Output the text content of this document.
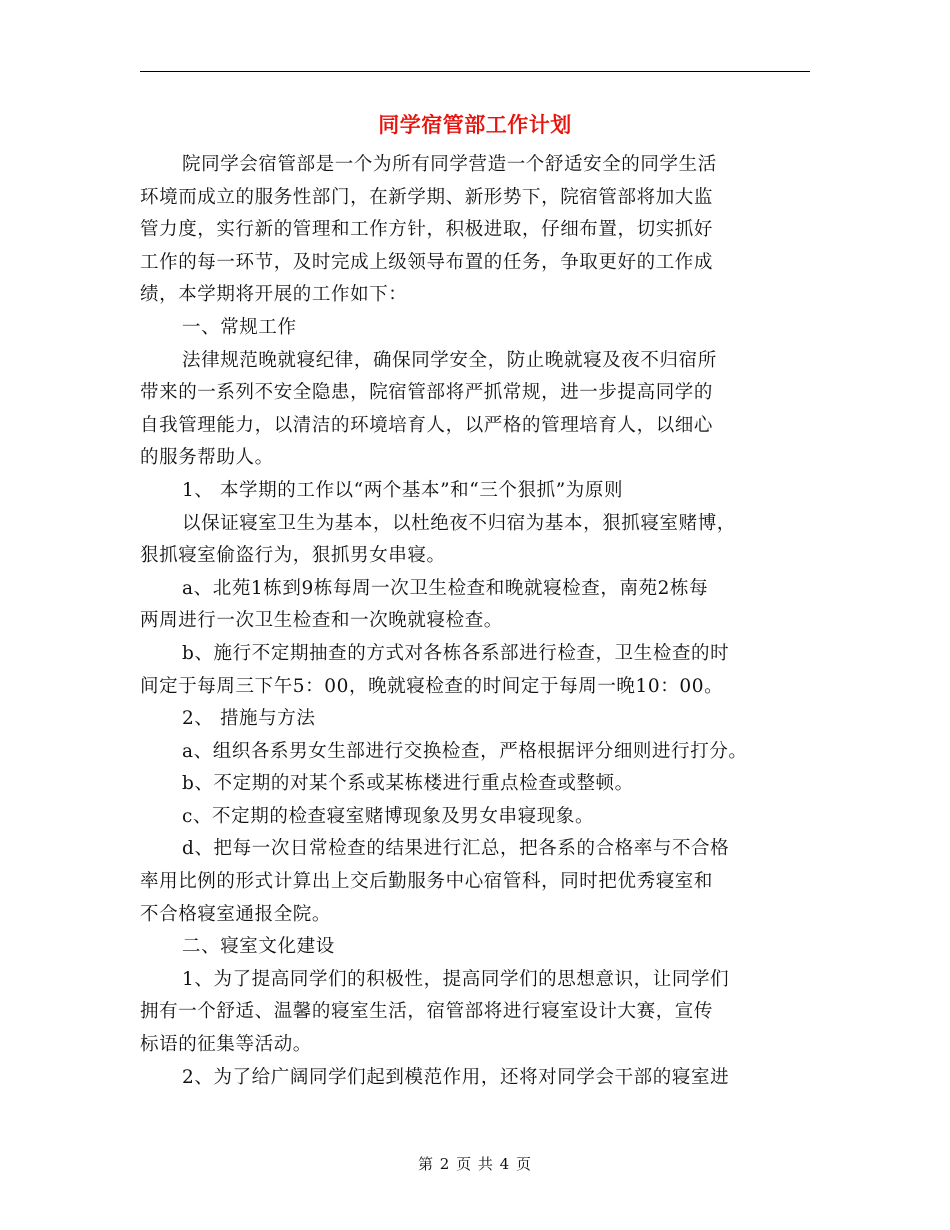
同学宿管部工作计划
院同学会宿管部是一个为所有同学营造一个舒适安全的同学生活
环境而成立的服务性部门，在新学期、新形势下，院宿管部将加大监
管力度，实行新的管理和工作方针，积极进取，仔细布置，切实抓好
工作的每一环节，及时完成上级领导布置的任务，争取更好的工作成
绩，本学期将开展的工作如下：
一、常规工作
法律规范晚就寝纪律，确保同学安全，防止晚就寝及夜不归宿所
带来的一系列不安全隐患，院宿管部将严抓常规，进一步提高同学的
自我管理能力，以清洁的环境培育人，以严格的管理培育人，以细心
的服务帮助人。
1、 本学期的工作以“两个基本”和“三个狠抓”为原则
以保证寝室卫生为基本，以杜绝夜不归宿为基本，狠抓寝室赌博，
狠抓寝室偷盗行为，狠抓男女串寝。
a、北苑1栋到9栋每周一次卫生检查和晚就寝检查，南苑2栋每
两周进行一次卫生检查和一次晚就寝检查。
b、施行不定期抽查的方式对各栋各系部进行检查，卫生检查的时
间定于每周三下午5：00，晚就寝检查的时间定于每周一晚10：00。
2、 措施与方法
a、组织各系男女生部进行交换检查，严格根据评分细则进行打分。
b、不定期的对某个系或某栋楼进行重点检查或整顿。
c、不定期的检查寝室赌博现象及男女串寝现象。
d、把每一次日常检查的结果进行汇总，把各系的合格率与不合格
率用比例的形式计算出上交后勤服务中心宿管科，同时把优秀寝室和
不合格寝室通报全院。
二、寝室文化建设
1、为了提高同学们的积极性，提高同学们的思想意识，让同学们
拥有一个舒适、温馨的寝室生活，宿管部将进行寝室设计大赛，宣传
标语的征集等活动。
2、为了给广阔同学们起到模范作用，还将对同学会干部的寝室进
第 2 页 共 4 页
